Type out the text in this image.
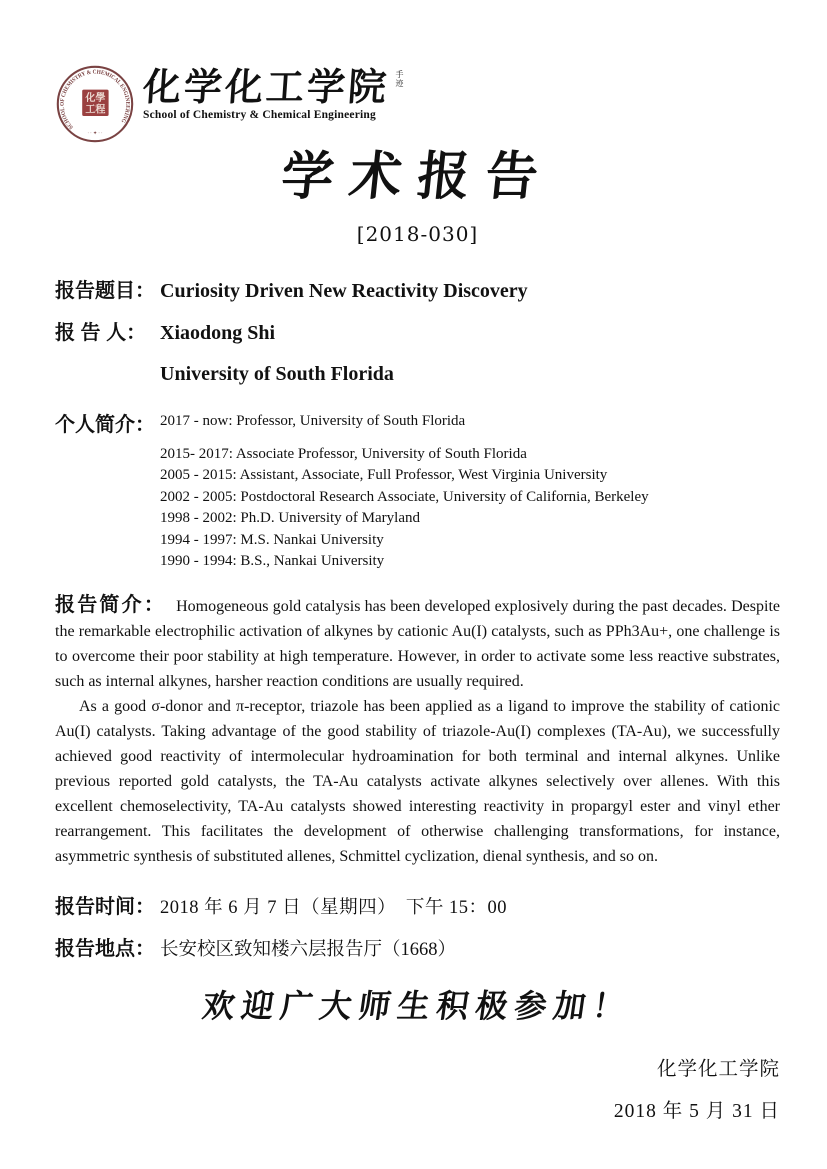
SCHOOL OF CHEMISTRY & CHEMICAL ENGINEERING
化學
工程
· · ✦ · ·
化学化工学院 手迹
School of Chemistry & Chemical Engineering
学术报告
[2018-030]
报告题目： Curiosity Driven New Reactivity Discovery
报 告 人： Xiaodong Shi
University of South Florida
个人简介： 2017 - now: Professor, University of South Florida
2015- 2017: Associate Professor, University of South Florida
2005 - 2015: Assistant, Associate, Full Professor, West Virginia University
2002 - 2005: Postdoctoral Research Associate, University of California, Berkeley
1998 - 2002: Ph.D. University of Maryland
1994 - 1997: M.S. Nankai University
1990 - 1994: B.S., Nankai University

报告简介： Homogeneous gold catalysis has been developed explosively during the past decades. Despite the remarkable electrophilic activation of alkynes by cationic Au(I) catalysts, such as PPh3Au+, one challenge is to overcome their poor stability at high temperature. However, in order to activate some less reactive substrates, such as internal alkynes, harsher reaction conditions are usually required.

As a good σ-donor and π-receptor, triazole has been applied as a ligand to improve the stability of cationic Au(I) catalysts. Taking advantage of the good stability of triazole-Au(I) complexes (TA-Au), we successfully achieved good reactivity of intermolecular hydroamination for both terminal and internal alkynes. Unlike previous reported gold catalysts, the TA-Au catalysts activate alkynes selectively over allenes. With this excellent chemoselectivity, TA-Au catalysts showed interesting reactivity in propargyl ester and vinyl ether rearrangement. This facilitates the development of otherwise challenging transformations, for instance, asymmetric synthesis of substituted allenes, Schmittel cyclization, dienal synthesis, and so on.

报告时间： 2018 年 6 月 7 日（星期四）　下午 15：00
报告地点： 长安校区致知楼六层报告厅（1668）
欢迎广大师生积极参加！
化学化工学院
2018 年 5 月 31 日
